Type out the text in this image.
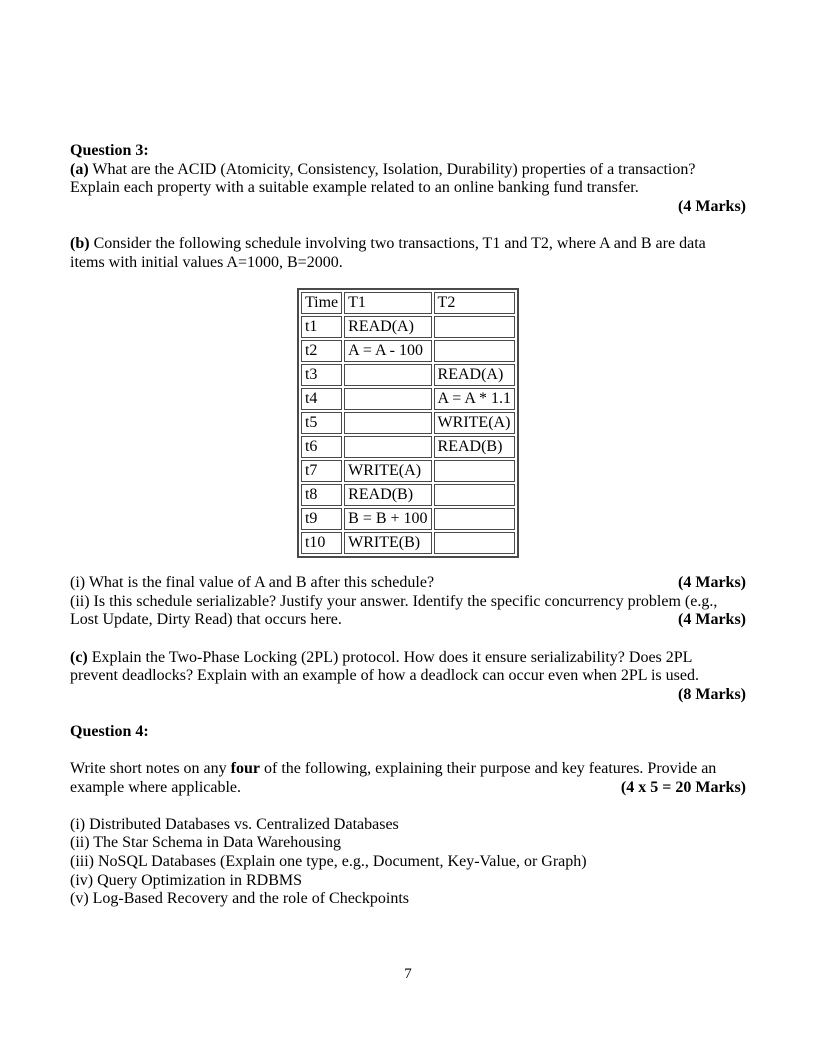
Question 3:
(a) What are the ACID (Atomicity, Consistency, Isolation, Durability) properties of a transaction?
Explain each property with a suitable example related to an online banking fund transfer.
(4 Marks)
(b) Consider the following schedule involving two transactions, T1 and T2, where A and B are data
items with initial values A=1000, B=2000.
Time	T1	T2
t1	READ(A)	
t2	A = A - 100	
t3		READ(A)
t4		A = A * 1.1
t5		WRITE(A)
t6		READ(B)
t7	WRITE(A)	
t8	READ(B)	
t9	B = B + 100	
t10	WRITE(B)	
(i) What is the final value of A and B after this schedule?	(4 Marks)
(ii) Is this schedule serializable? Justify your answer. Identify the specific concurrency problem (e.g.,
Lost Update, Dirty Read) that occurs here.	(4 Marks)
(c) Explain the Two-Phase Locking (2PL) protocol. How does it ensure serializability? Does 2PL
prevent deadlocks? Explain with an example of how a deadlock can occur even when 2PL is used.
(8 Marks)
Question 4:
Write short notes on any four of the following, explaining their purpose and key features. Provide an
example where applicable.	(4 x 5 = 20 Marks)
(i) Distributed Databases vs. Centralized Databases
(ii) The Star Schema in Data Warehousing
(iii) NoSQL Databases (Explain one type, e.g., Document, Key-Value, or Graph)
(iv) Query Optimization in RDBMS
(v) Log-Based Recovery and the role of Checkpoints
7
